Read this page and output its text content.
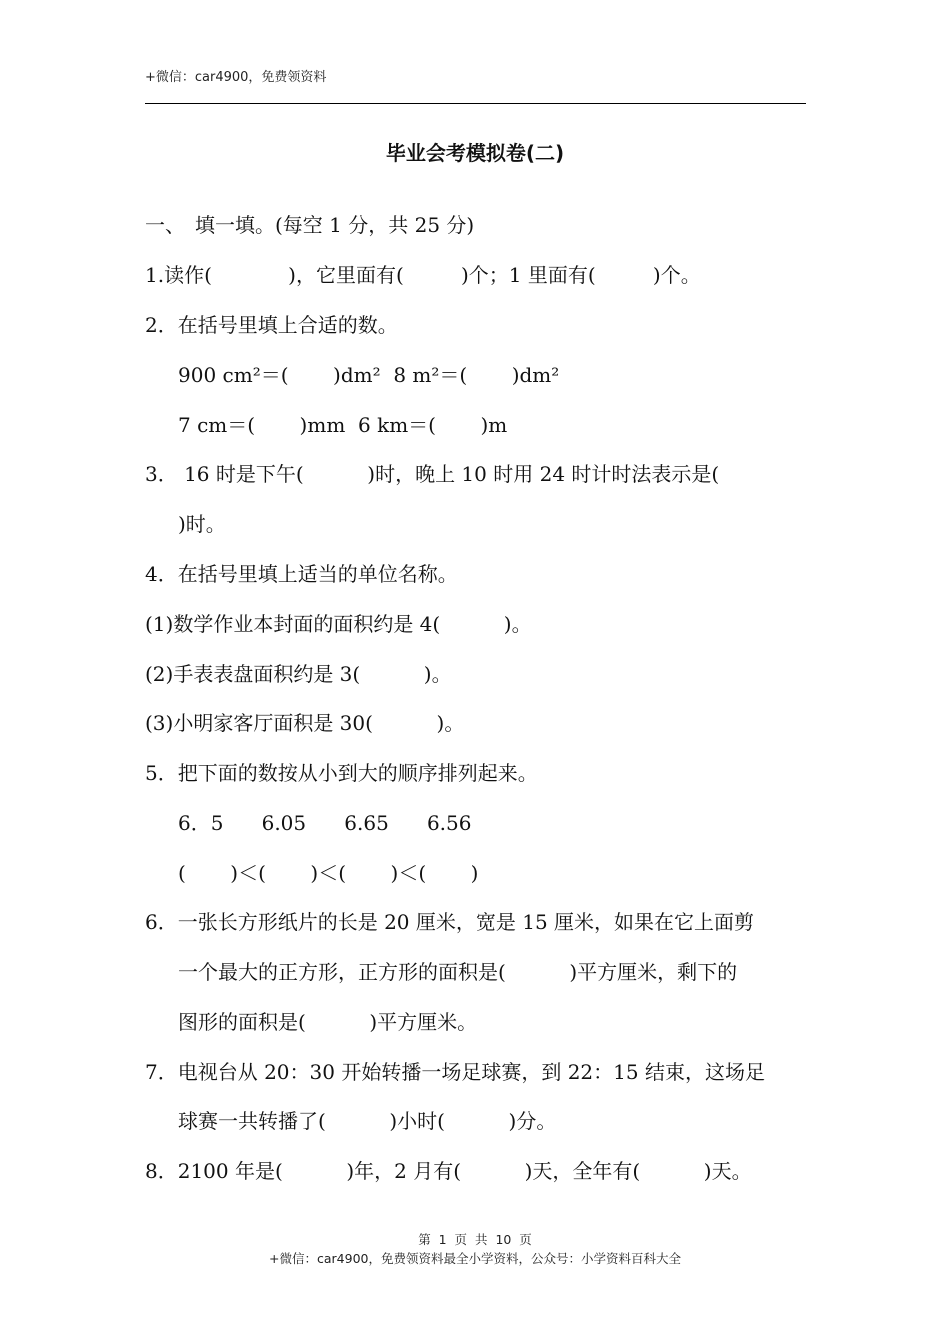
+微信：car4900，免费领资料
毕业会考模拟卷(二)
一、　填一填。(每空 1 分，共 25 分)
1.读作(            )，它里面有(         )个；1 里面有(         )个。
2．在括号里填上合适的数。
900 cm²＝(       )dm²  8 m²＝(       )dm²
7 cm＝(       )mm  6 km＝(       )m
3． 16 时是下午(          )时，晚上 10 时用 24 时计时法表示是(
)时。
4．在括号里填上适当的单位名称。
(1)数学作业本封面的面积约是 4(          )。
(2)手表表盘面积约是 3(          )。
(3)小明家客厅面积是 30(          )。
5．把下面的数按从小到大的顺序排列起来。
6．5      6.05      6.65      6.56
(       )＜(       )＜(       )＜(       )
6．一张长方形纸片的长是 20 厘米，宽是 15 厘米，如果在它上面剪
一个最大的正方形，正方形的面积是(          )平方厘米，剩下的
图形的面积是(          )平方厘米。
7．电视台从 20：30 开始转播一场足球赛，到 22：15 结束，这场足
球赛一共转播了(          )小时(          )分。
8．2100 年是(          )年，2 月有(          )天，全年有(          )天。
第  1  页  共  10  页
+微信：car4900，免费领资料最全小学资料，公众号：小学资料百科大全
